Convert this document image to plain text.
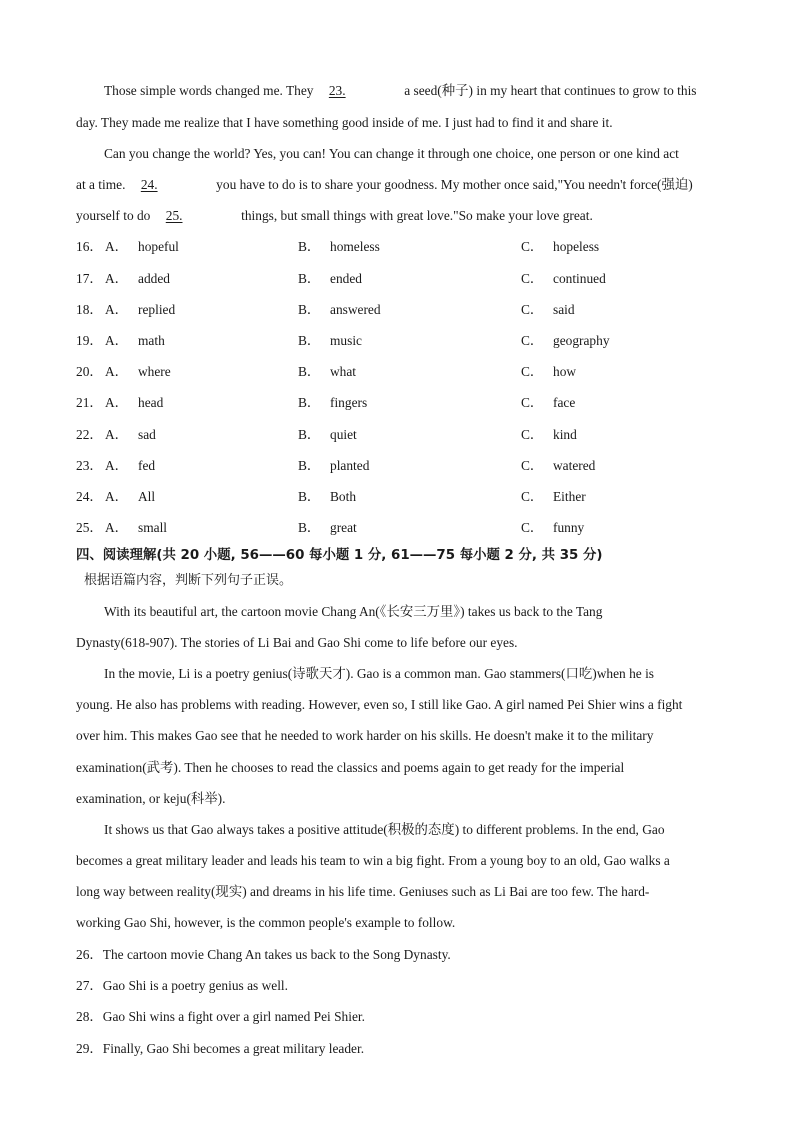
Those simple words changed me. They 23.	a seed(种子) in my heart that continues to grow to this
day. They made me realize that I have something good inside of me. I just had to find it and share it.
Can you change the world? Yes, you can! You can change it through one choice, one person or one kind act
at a time. 24.	you have to do is to share your goodness. My mother once said,"You needn't force(强迫)
yourself to do 25.	things, but small things with great love."So make your love great.
16． A． hopeful	B． homeless	C． hopeless
17． A． added	B． ended	C． continued
18． A． replied	B． answered	C． said
19． A． math	B． music	C． geography
20． A． where	B． what	C． how
21． A． head	B． fingers	C． face
22． A． sad	B． quiet	C． kind
23． A． fed	B． planted	C． watered
24． A． All	B． Both	C． Either
25． A． small	B． great	C． funny
四、阅读理解(共 20 小题, 56——60 每小题 1 分, 61——75 每小题 2 分, 共 35 分)
根据语篇内容，判断下列句子正误。
With its beautiful art, the cartoon movie Chang An(《长安三万里》) takes us back to the Tang
Dynasty(618-907). The stories of Li Bai and Gao Shi come to life before our eyes.
In the movie, Li is a poetry genius(诗歌天才). Gao is a common man. Gao stammers(口吃)when he is
young. He also has problems with reading. However, even so, I still like Gao. A girl named Pei Shier wins a fight
over him. This makes Gao see that he needed to work harder on his skills. He doesn't make it to the military
examination(武考). Then he chooses to read the classics and poems again to get ready for the imperial
examination, or keju(科举).
It shows us that Gao always takes a positive attitude(积极的态度) to different problems. In the end, Gao
becomes a great military leader and leads his team to win a big fight. From a young boy to an old, Gao walks a
long way between reality(现实) and dreams in his life time. Geniuses such as Li Bai are too few. The hard-
working Gao Shi, however, is the common people's example to follow.
26．The cartoon movie Chang An takes us back to the Song Dynasty.
27．Gao Shi is a poetry genius as well.
28．Gao Shi wins a fight over a girl named Pei Shier.
29．Finally, Gao Shi becomes a great military leader.
